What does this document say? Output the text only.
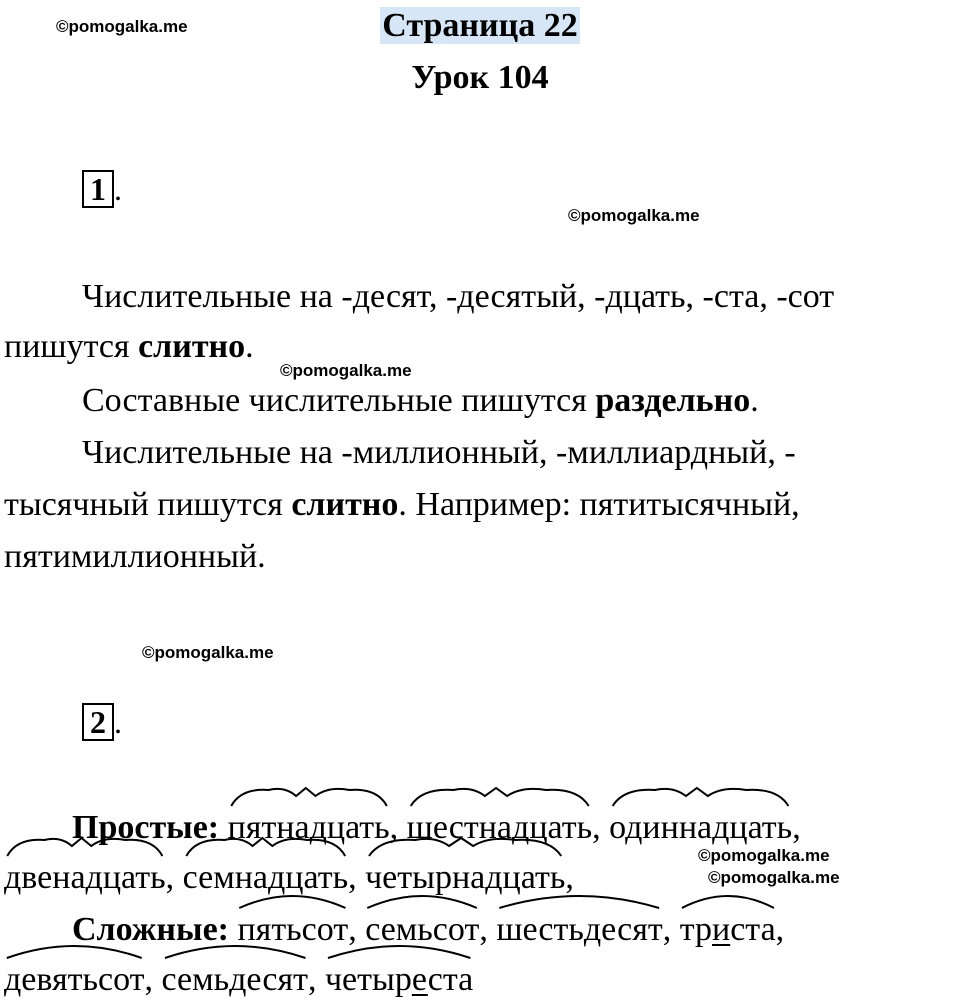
©pomogalka.me
©pomogalka.me
©pomogalka.me
©pomogalka.me
©pomogalka.me
©pomogalka.me
Страница 22
Урок 104
1 .
Числительные на -десят, -десятый, -дцать, -ста, -сот
пишутся слитно.
Составные числительные пишутся раздельно.
Числительные на -миллионный, -миллиардный, -
тысячный пишутся слитно. Например: пятитысячный,
пятимиллионный.
2 .
Простые: пятнадцать,
шестнадцать,
одиннадцать,
двенадцать,
семнадцать,
четырнадцать,
Сложные: пятьсот,
семьсот,
шестьдесят,
триста,
девятьсот,
семьдесят,
четыреста
